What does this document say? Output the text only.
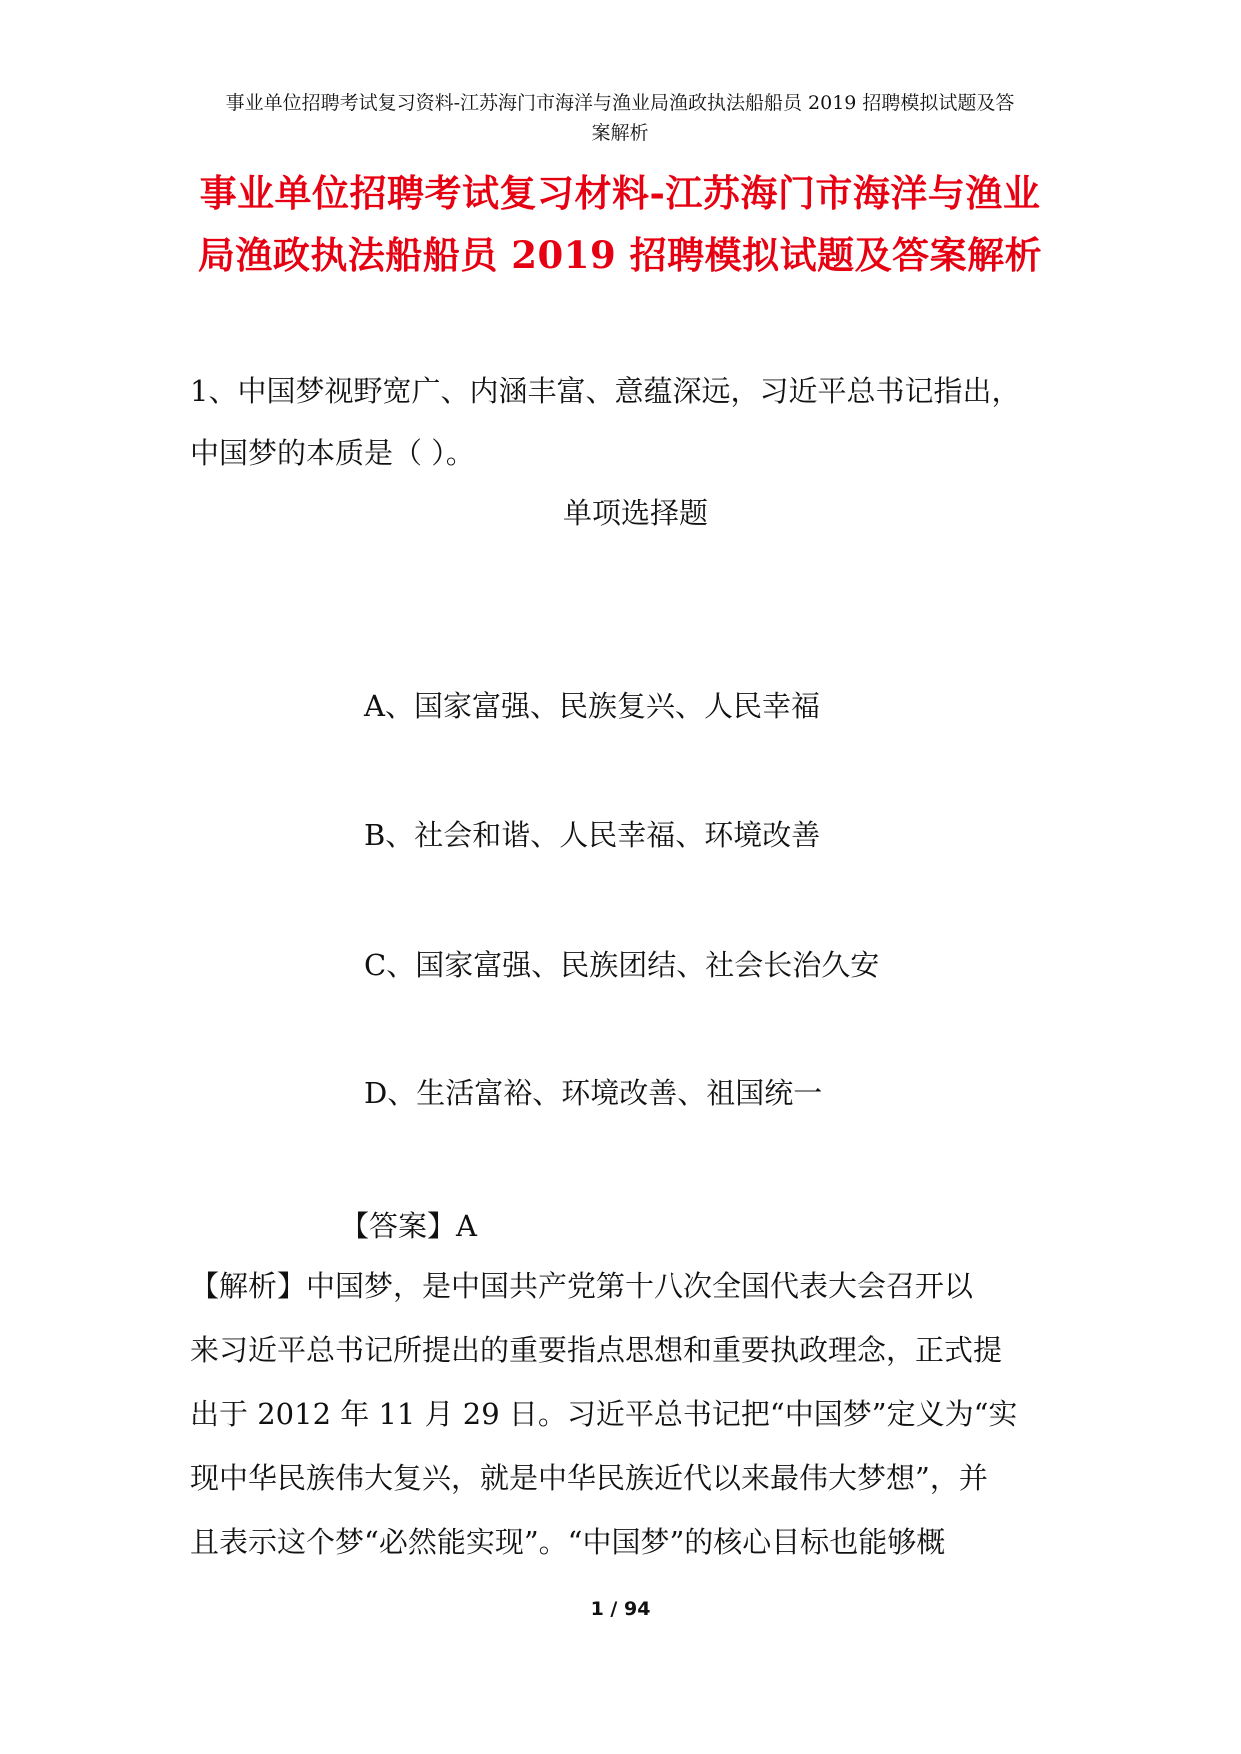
事业单位招聘考试复习资料-江苏海门市海洋与渔业局渔政执法船船员 2019 招聘模拟试题及答
案解析
事业单位招聘考试复习材料-江苏海门市海洋与渔业
局渔政执法船船员 2019 招聘模拟试题及答案解析
1、中国梦视野宽广、内涵丰富、意蕴深远，习近平总书记指出，
中国梦的本质是（ ）。
单项选择题
A、国家富强、民族复兴、人民幸福
B、社会和谐、人民幸福、环境改善
C、国家富强、民族团结、社会长治久安
D、生活富裕、环境改善、祖国统一
【答案】A
【解析】中国梦，是中国共产党第十八次全国代表大会召开以
来习近平总书记所提出的重要指点思想和重要执政理念，正式提
出于 2012 年 11 月 29 日。习近平总书记把“中国梦”定义为“实
现中华民族伟大复兴，就是中华民族近代以来最伟大梦想”，并
且表示这个梦“必然能实现”。“中国梦”的核心目标也能够概
1 / 94
